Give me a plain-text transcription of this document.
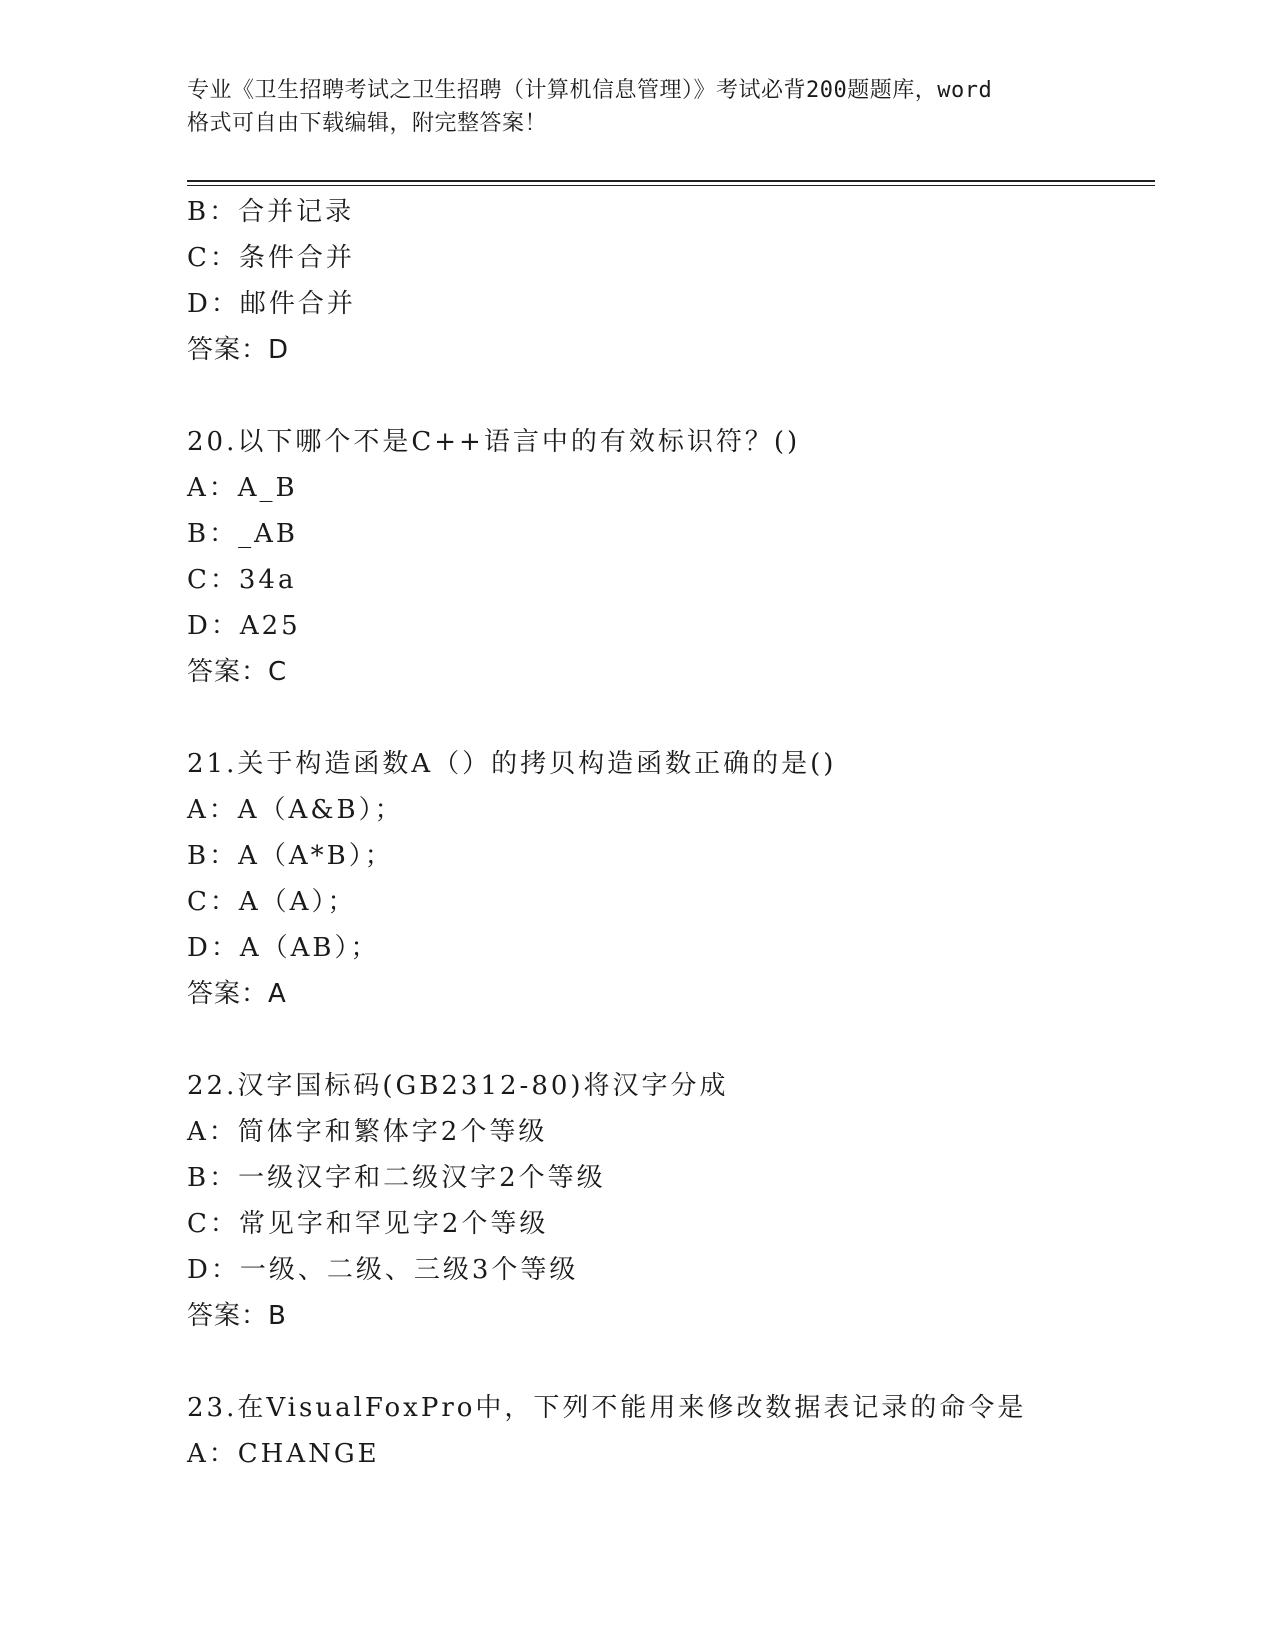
专业《卫生招聘考试之卫生招聘（计算机信息管理）》考试必背200题题库，word
格式可自由下载编辑，附完整答案！
B：合并记录
C：条件合并
D：邮件合并
答案：D
20.以下哪个不是C++语言中的有效标识符？()
A：A_B
B：_AB
C：34a
D：A25
答案：C
21.关于构造函数A（）的拷贝构造函数正确的是()
A：A（A&B）；
B：A（A*B）；
C：A（A）；
D：A（AB）；
答案：A
22.汉字国标码(GB2312-80)将汉字分成
A：简体字和繁体字2个等级
B：一级汉字和二级汉字2个等级
C：常见字和罕见字2个等级
D：一级、二级、三级3个等级
答案：B
23.在VisualFoxPro中，下列不能用来修改数据表记录的命令是
A：CHANGE
